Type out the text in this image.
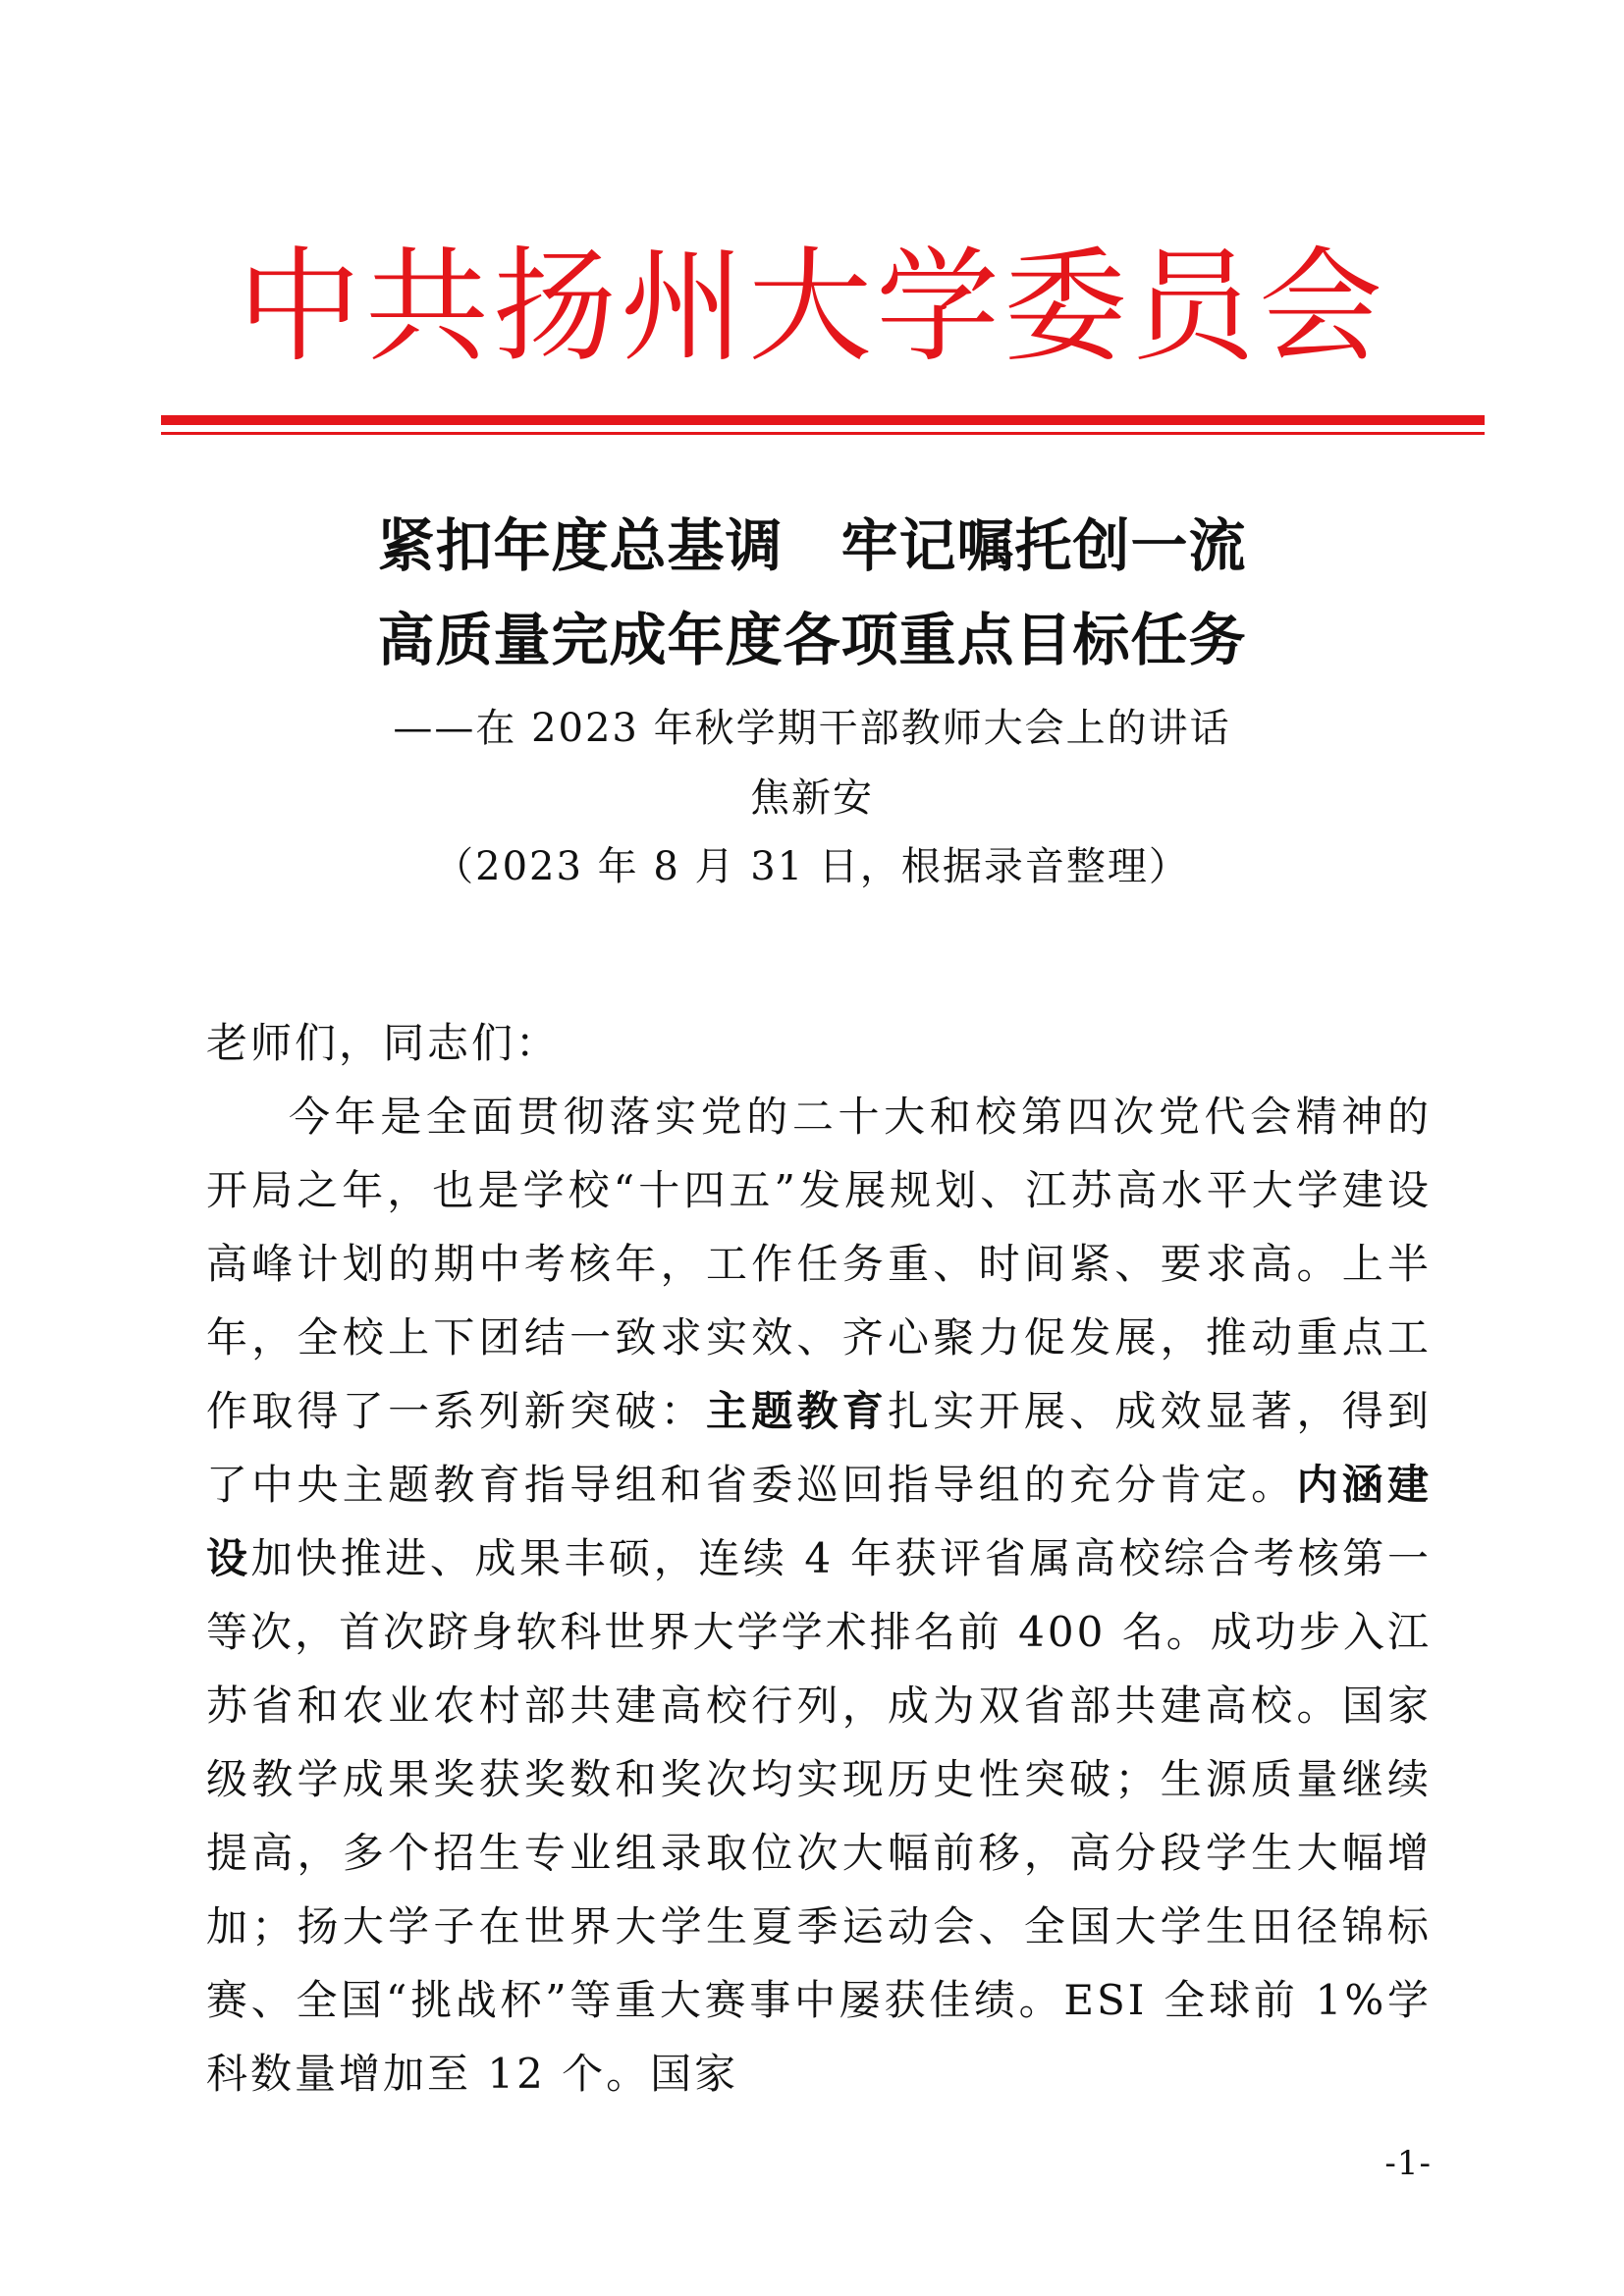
中共扬州大学委员会
紧扣年度总基调　牢记嘱托创一流
高质量完成年度各项重点目标任务
——在 2023 年秋学期干部教师大会上的讲话
焦新安
（2023 年 8 月 31 日，根据录音整理）

老师们，同志们：

今年是全面贯彻落实党的二十大和校第四次党代会精神的开局之年，也是学校“十四五”发展规划、江苏高水平大学建设高峰计划的期中考核年，工作任务重、时间紧、要求高。上半年，全校上下团结一致求实效、齐心聚力促发展，推动重点工作取得了一系列新突破：主题教育扎实开展、成效显著，得到了中央主题教育指导组和省委巡回指导组的充分肯定。内涵建设加快推进、成果丰硕，连续 4 年获评省属高校综合考核第一等次，首次跻身软科世界大学学术排名前 400 名。成功步入江苏省和农业农村部共建高校行列，成为双省部共建高校。国家级教学成果奖获奖数和奖次均实现历史性突破；生源质量继续提高，多个招生专业组录取位次大幅前移，高分段学生大幅增加；扬大学子在世界大学生夏季运动会、全国大学生田径锦标赛、全国“挑战杯”等重大赛事中屡获佳绩。ESI 全球前 1%学科数量增加至 12 个。国家

-1-
